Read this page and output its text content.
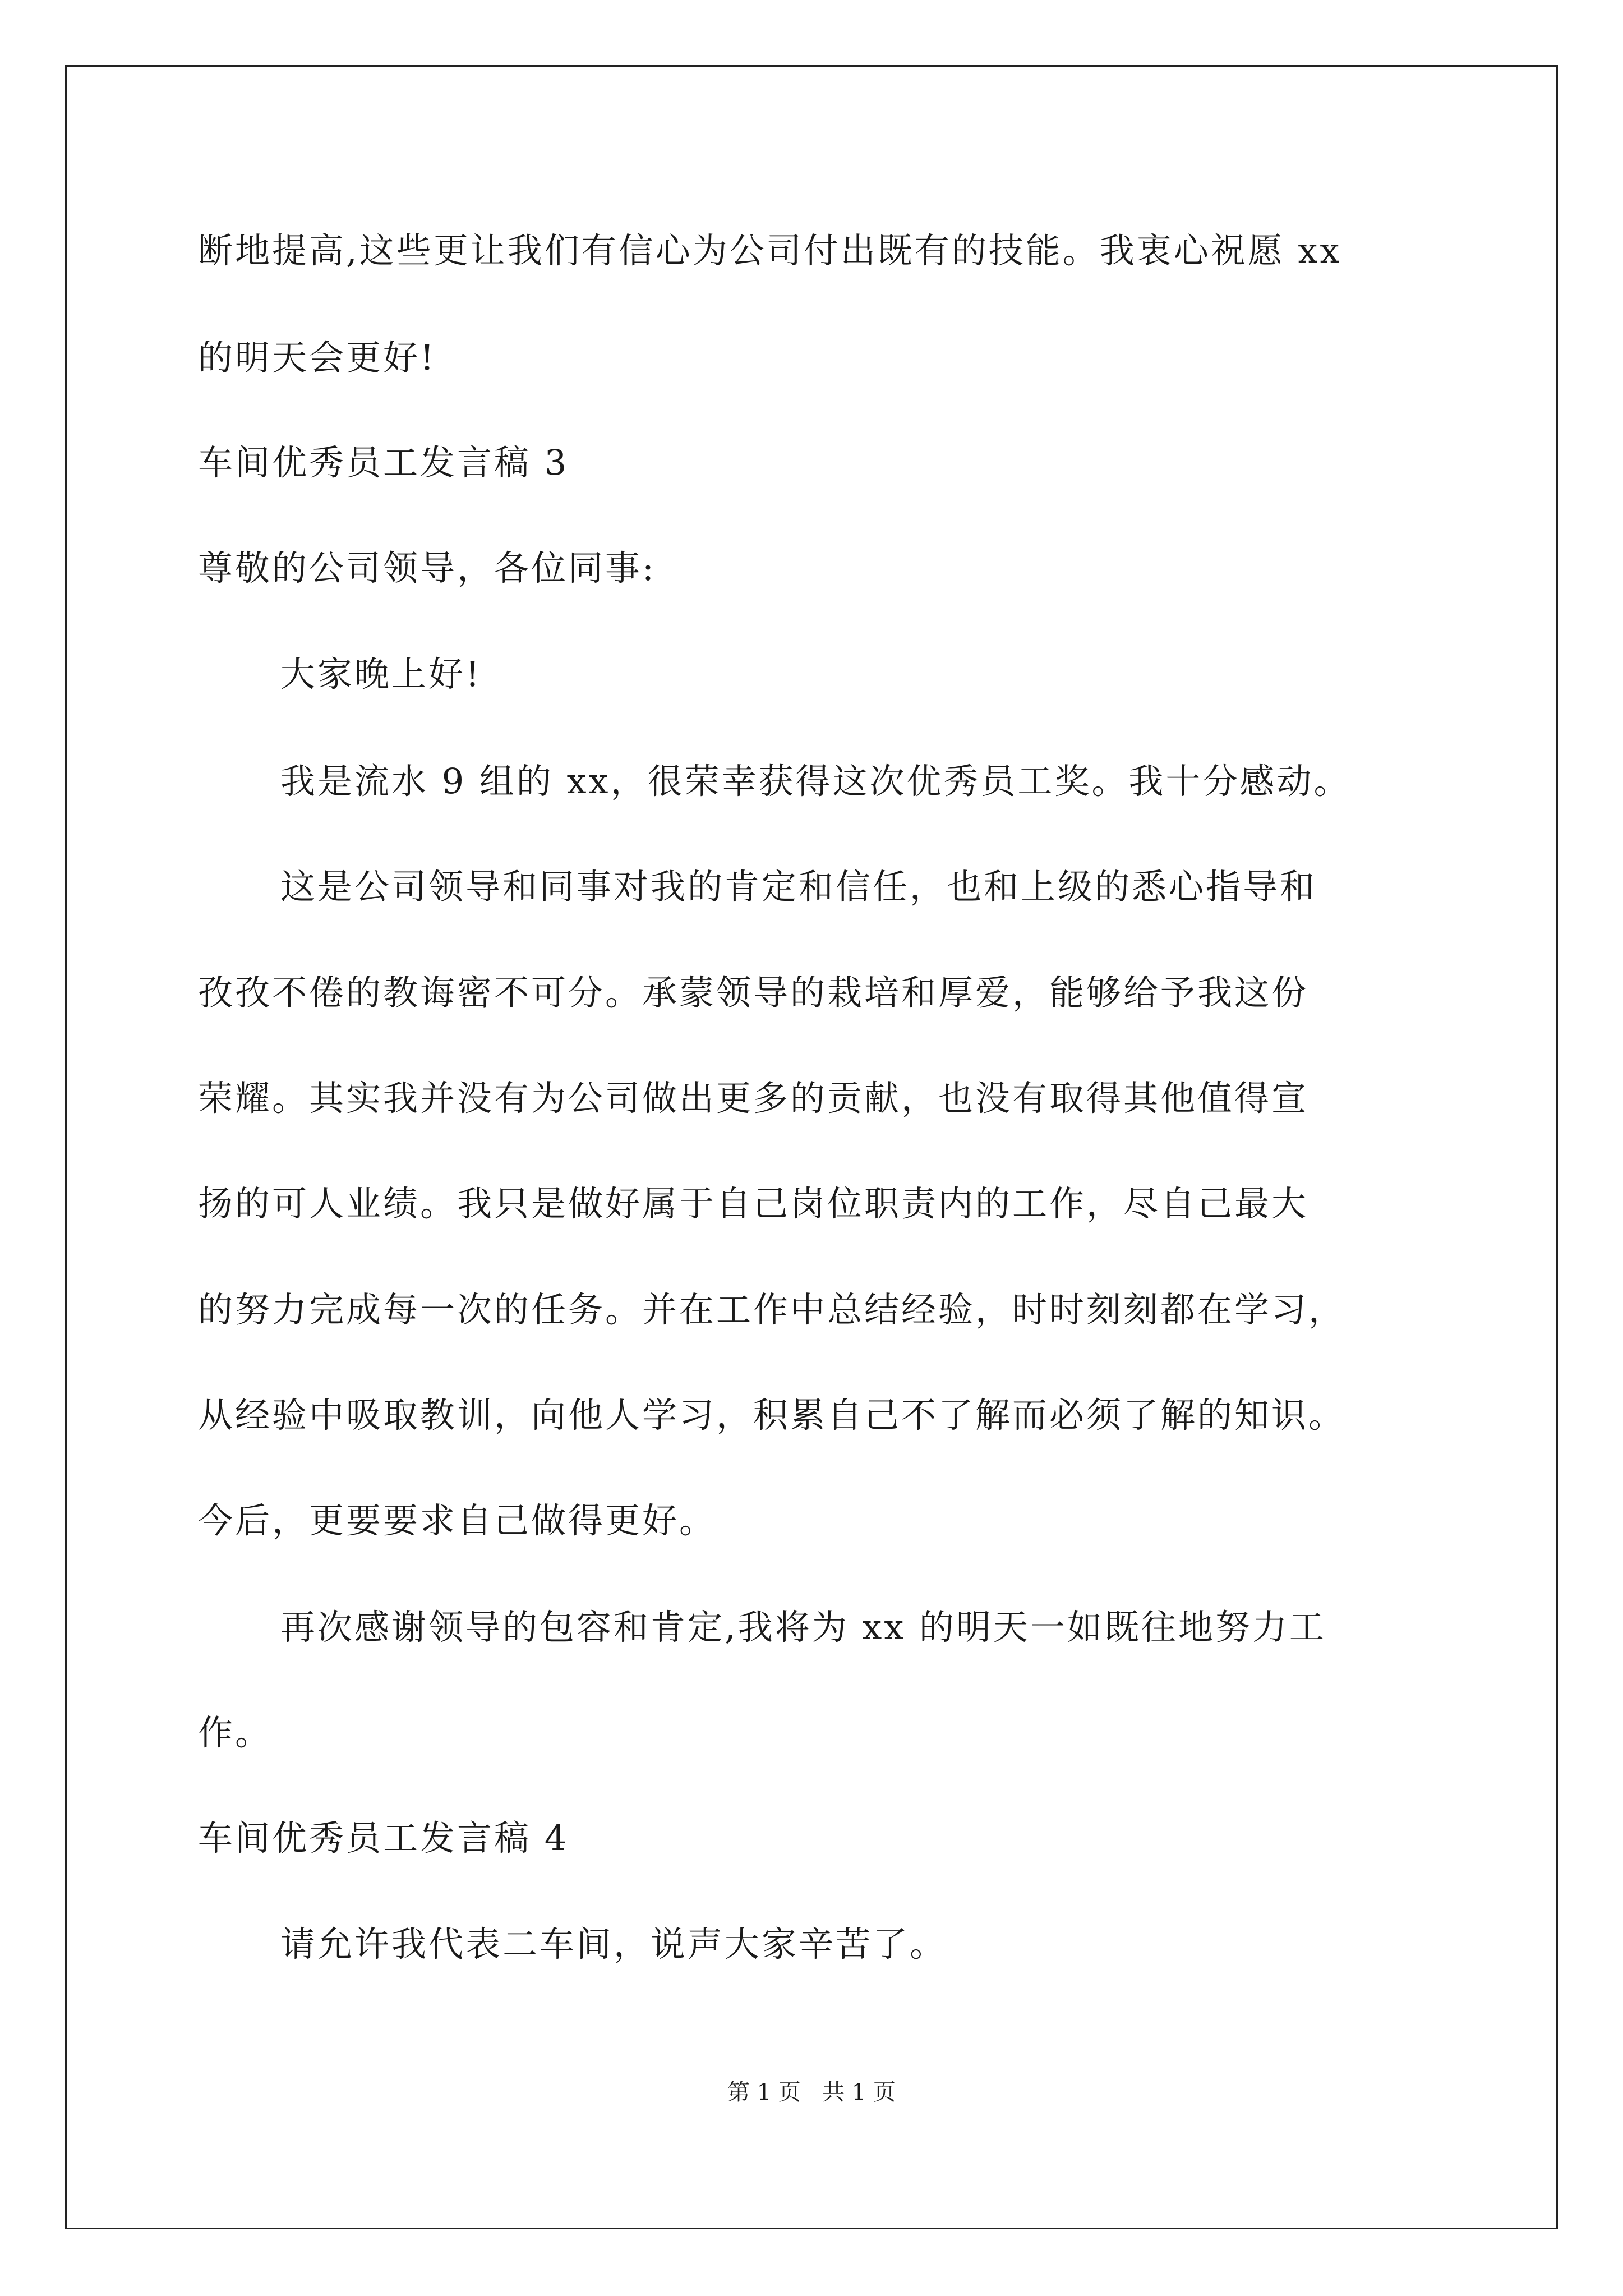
断地提高,这些更让我们有信心为公司付出既有的技能。我衷心祝愿 xx
的明天会更好!
车间优秀员工发言稿 3
尊敬的公司领导，各位同事:
大家晚上好!
我是流水 9 组的 xx，很荣幸获得这次优秀员工奖。我十分感动。
这是公司领导和同事对我的肯定和信任，也和上级的悉心指导和
孜孜不倦的教诲密不可分。承蒙领导的栽培和厚爱，能够给予我这份
荣耀。其实我并没有为公司做出更多的贡献，也没有取得其他值得宣
扬的可人业绩。我只是做好属于自己岗位职责内的工作，尽自己最大
的努力完成每一次的任务。并在工作中总结经验，时时刻刻都在学习，
从经验中吸取教训，向他人学习，积累自己不了解而必须了解的知识。
今后，更要要求自己做得更好。
再次感谢领导的包容和肯定,我将为 xx 的明天一如既往地努力工
作。
车间优秀员工发言稿 4
请允许我代表二车间，说声大家辛苦了。
第 1 页   共 1 页
